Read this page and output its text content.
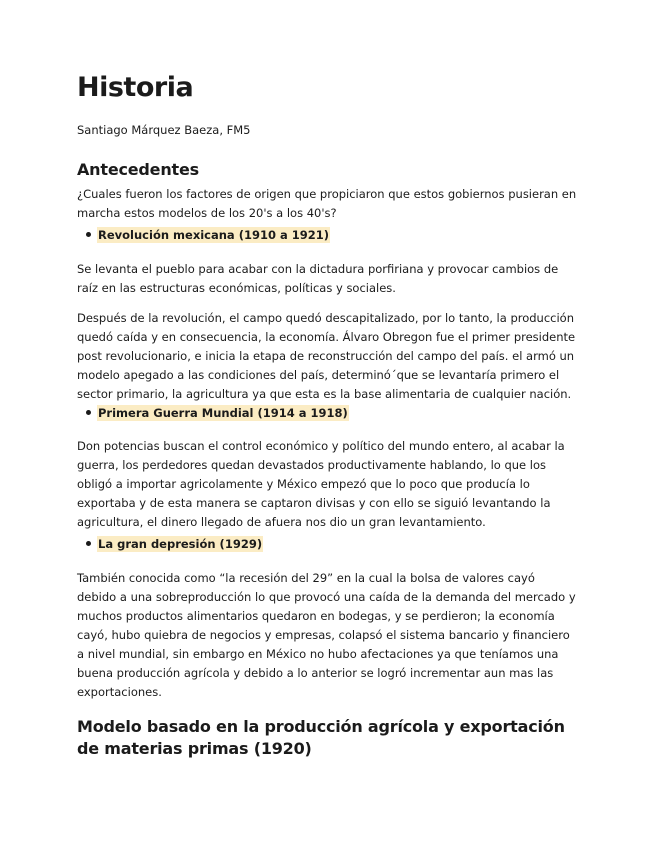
Historia
Santiago Márquez Baeza, FM5
Antecedentes

¿Cuales fueron los factores de origen que propiciaron que estos gobiernos pusieran en marcha estos modelos de los 20's a los 40's?

Revolución mexicana (1910 a 1921)

Se levanta el pueblo para acabar con la dictadura porfiriana y provocar cambios de raíz en las estructuras económicas, políticas y sociales.

Después de la revolución, el campo quedó descapitalizado, por lo tanto, la producción quedó caída y en consecuencia, la economía. Álvaro Obregon fue el primer presidente post revolucionario, e inicia la etapa de reconstrucción del campo del país. el armó un modelo apegado a las condiciones del país, determinó´que se levantaría primero el sector primario, la agricultura ya que esta es la base alimentaria de cualquier nación.

Primera Guerra Mundial (1914 a 1918)

Don potencias buscan el control económico y político del mundo entero, al acabar la guerra, los perdedores quedan devastados productivamente hablando, lo que los obligó a importar agricolamente y México empezó que lo poco que producía lo exportaba y de esta manera se captaron divisas y con ello se siguió levantando la agricultura, el dinero llegado de afuera nos dio un gran levantamiento.

La gran depresión (1929)

También conocida como “la recesión del 29” en la cual la bolsa de valores cayó debido a una sobreproducción lo que provocó una caída de la demanda del mercado y muchos productos alimentarios quedaron en bodegas, y se perdieron; la economía cayó, hubo quiebra de negocios y empresas, colapsó el sistema bancario y financiero a nivel mundial, sin embargo en México no hubo afectaciones ya que teníamos una buena producción agrícola y debido a lo anterior se logró incrementar aun mas las exportaciones.

Modelo basado en la producción agrícola y exportación de materias primas (1920)
